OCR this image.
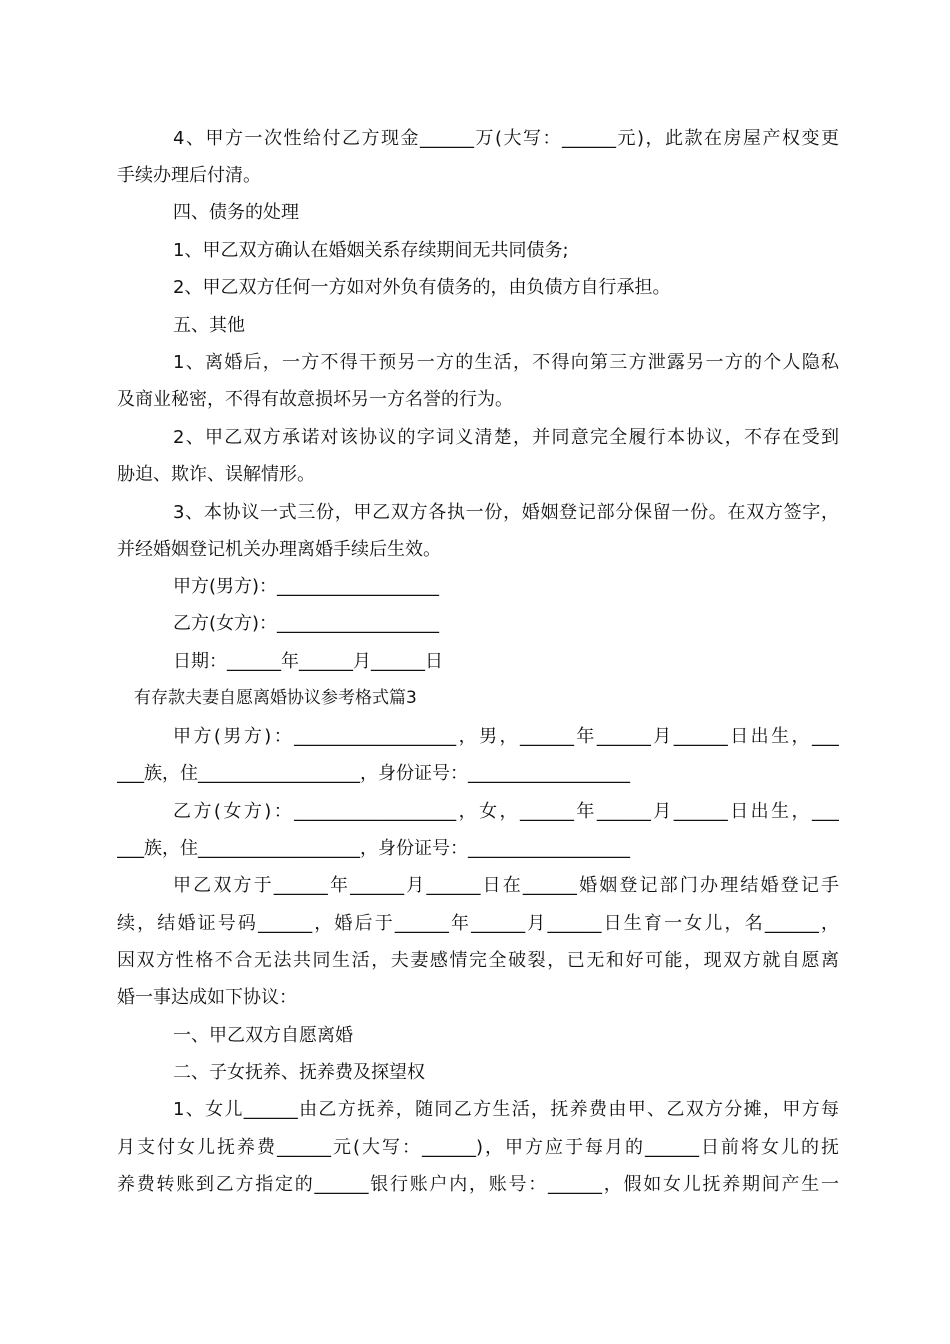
4、甲方一次性给付乙方现金______万(大写：______元)，此款在房屋产权变更
手续办理后付清。
四、债务的处理
1、甲乙双方确认在婚姻关系存续期间无共同债务;
2、甲乙双方任何一方如对外负有债务的，由负债方自行承担。
五、其他
1、离婚后，一方不得干预另一方的生活，不得向第三方泄露另一方的个人隐私
及商业秘密，不得有故意损坏另一方名誉的行为。
2、甲乙双方承诺对该协议的字词义清楚，并同意完全履行本协议，不存在受到
胁迫、欺诈、误解情形。
3、本协议一式三份，甲乙双方各执一份，婚姻登记部分保留一份。在双方签字，
并经婚姻登记机关办理离婚手续后生效。
甲方(男方)：__________________
乙方(女方)：__________________
日期：______年______月______日
有存款夫妻自愿离婚协议参考格式篇3
甲方(男方)：__________________，男，______年______月______日出生，___
___族，住__________________，身份证号：__________________
乙方(女方)：__________________，女，______年______月______日出生，___
___族，住__________________，身份证号：__________________
甲乙双方于______年______月______日在______婚姻登记部门办理结婚登记手
续，结婚证号码______，婚后于______年______月______日生育一女儿，名______，
因双方性格不合无法共同生活，夫妻感情完全破裂，已无和好可能，现双方就自愿离
婚一事达成如下协议：
一、甲乙双方自愿离婚
二、子女抚养、抚养费及探望权
1、女儿______由乙方抚养，随同乙方生活，抚养费由甲、乙双方分摊，甲方每
月支付女儿抚养费______元(大写：______)，甲方应于每月的______日前将女儿的抚
养费转账到乙方指定的______银行账户内，账号：______，假如女儿抚养期间产生一
